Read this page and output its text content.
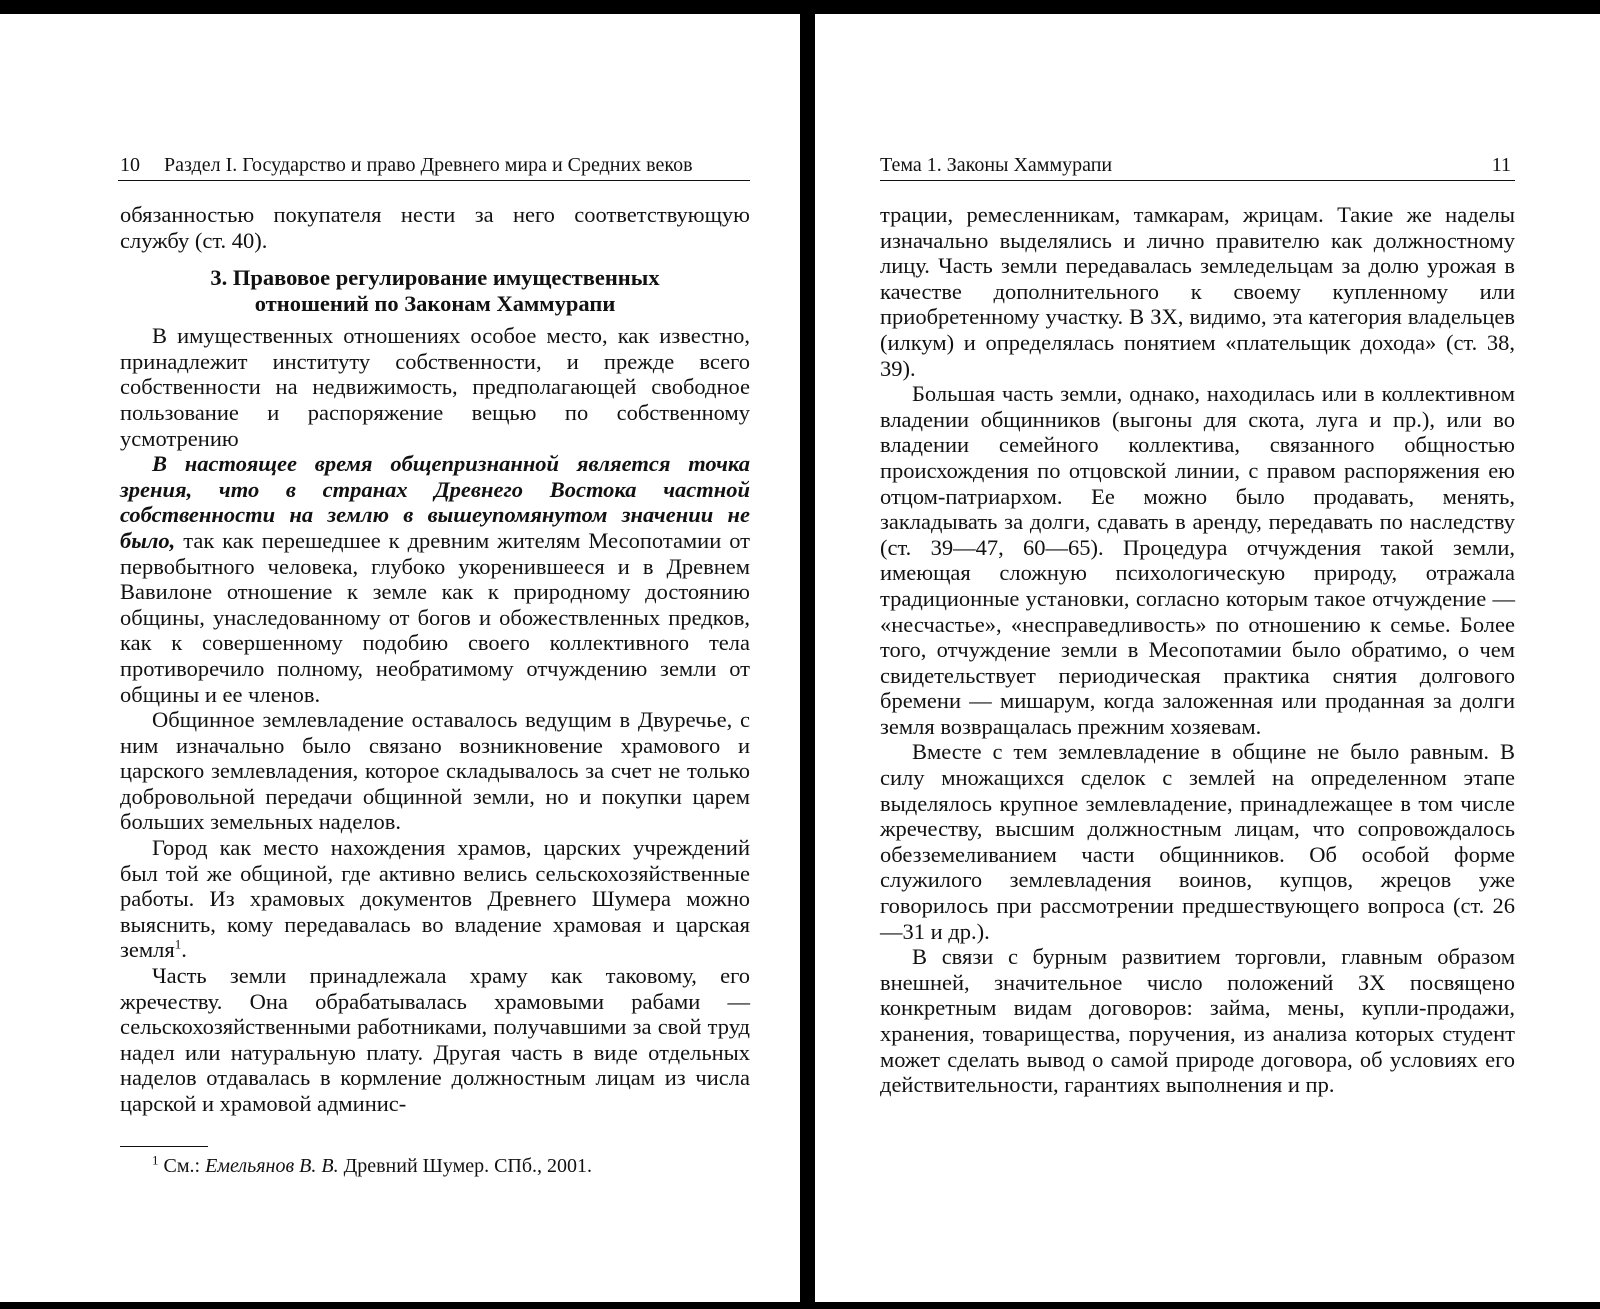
10 Раздел I. Государство и право Древнего мира и Средних веков

обязанностью покупателя нести за него соответствующую службу (ст. 40).

3. Правовое регулирование имущественных
отношений по Законам Хаммурапи

В имущественных отношениях особое место, как известно, принадлежит институту собственности, и прежде всего собственности на недвижимость, предполагающей свободное пользование и распоряжение вещью по собственному усмотрению

В настоящее время общепризнанной является точка зрения, что в странах Древнего Востока частной собственности на землю в вышеупомянутом значении не было, так как перешедшее к древним жителям Месопотамии от первобытного человека, глубоко укоренившееся и в Древнем Вавилоне отношение к земле как к природному достоянию общины, унаследованному от богов и обожествленных предков, как к совершенному подобию своего коллективного тела противоречило полному, необратимому отчуждению земли от общины и ее членов.

Общинное землевладение оставалось ведущим в Двуречье, с ним изначально было связано возникновение храмового и царского землевладения, которое складывалось за счет не только добровольной передачи общинной земли, но и покупки царем больших земельных наделов.

Город как место нахождения храмов, царских учреждений был той же общиной, где активно велись сельскохозяйственные работы. Из храмовых документов Древнего Шумера можно выяснить, кому передавалась во владение храмовая и царская земля$^1$.

Часть земли принадлежала храму как таковому, его жречеству. Она обрабатывалась храмовыми рабами — сельскохозяйственными работниками, получавшими за свой труд надел или натуральную плату. Другая часть в виде отдельных наделов отдавалась в кормление должностным лицам из числа царской и храмовой админис-

$^1$ См.: Емельянов В. В. Древний Шумер. СПб., 2001.
Тема 1. Законы Хаммурапи	11

трации, ремесленникам, тамкарам, жрицам. Такие же наделы изначально выделялись и лично правителю как должностному лицу. Часть земли передавалась земледельцам за долю урожая в качестве дополнительного к своему купленному или приобретенному участку. В ЗХ, видимо, эта категория владельцев (илкум) и определялась понятием «плательщик дохода» (ст. 38, 39).

Большая часть земли, однако, находилась или в коллективном владении общинников (выгоны для скота, луга и пр.), или во владении семейного коллектива, связанного общностью происхождения по отцовской линии, с правом распоряжения ею отцом-патриархом. Ее можно было продавать, менять, закладывать за долги, сдавать в аренду, передавать по наследству (ст. 39—47, 60—65). Процедура отчуждения такой земли, имеющая сложную психологическую природу, отражала традиционные установки, согласно которым такое отчуждение — «несчастье», «несправедливость» по отношению к семье. Более того, отчуждение земли в Месопотамии было обратимо, о чем свидетельствует периодическая практика снятия долгового бремени — мишарум, когда заложенная или проданная за долги земля возвращалась прежним хозяевам.

Вместе с тем землевладение в общине не было равным. В силу множащихся сделок с землей на определенном этапе выделялось крупное землевладение, принадлежащее в том числе жречеству, высшим должностным лицам, что сопровождалось обезземеливанием части общинников. Об особой форме служилого землевладения воинов, купцов, жрецов уже говорилось при рассмотрении предшествующего вопроса (ст. 26—31 и др.).

В связи с бурным развитием торговли, главным образом внешней, значительное число положений ЗХ посвящено конкретным видам договоров: займа, мены, купли-продажи, хранения, товарищества, поручения, из анализа которых студент может сделать вывод о самой природе договора, об условиях его действительности, гарантиях выполнения и пр.
